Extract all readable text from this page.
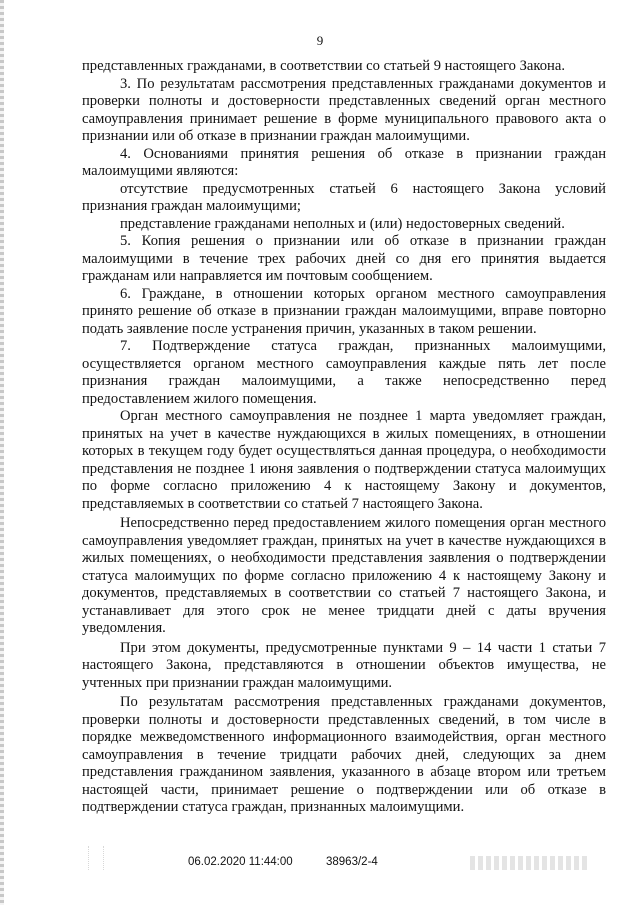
9

представленных гражданами, в соответствии со статьей 9 настоящего Закона.

3. По результатам рассмотрения представленных гражданами документов и проверки полноты и достоверности представленных сведений орган местного самоуправления принимает решение в форме муниципального правового акта о признании или об отказе в признании граждан малоимущими.

4. Основаниями принятия решения об отказе в признании граждан малоимущими являются:

отсутствие предусмотренных статьей 6 настоящего Закона условий признания граждан малоимущими;

представление гражданами неполных и (или) недостоверных сведений.

5. Копия решения о признании или об отказе в признании граждан малоимущими в течение трех рабочих дней со дня его принятия выдается гражданам или направляется им почтовым сообщением.

6. Граждане, в отношении которых органом местного самоуправления принято решение об отказе в признании граждан малоимущими, вправе повторно подать заявление после устранения причин, указанных в таком решении.

7. Подтверждение статуса граждан, признанных малоимущими, осуществляется органом местного самоуправления каждые пять лет после признания граждан малоимущими, а также непосредственно перед предоставлением жилого помещения.

Орган местного самоуправления не позднее 1 марта уведомляет граждан, принятых на учет в качестве нуждающихся в жилых помещениях, в отношении которых в текущем году будет осуществляться данная процедура, о необходимости представления не позднее 1 июня заявления о подтверждении статуса малоимущих по форме согласно приложению 4 к настоящему Закону и документов, представляемых в соответствии со статьей 7 настоящего Закона.

Непосредственно перед предоставлением жилого помещения орган местного самоуправления уведомляет граждан, принятых на учет в качестве нуждающихся в жилых помещениях, о необходимости представления заявления о подтверждении статуса малоимущих по форме согласно приложению 4 к настоящему Закону и документов, представляемых в соответствии со статьей 7 настоящего Закона, и устанавливает для этого срок не менее тридцати дней с даты вручения уведомления.

При этом документы, предусмотренные пунктами 9 – 14 части 1 статьи 7 настоящего Закона, представляются в отношении объектов имущества, не учтенных при признании граждан малоимущими.

По результатам рассмотрения представленных гражданами документов, проверки полноты и достоверности представленных сведений, в том числе в порядке межведомственного информационного взаимодействия, орган местного самоуправления в течение тридцати рабочих дней, следующих за днем представления гражданином заявления, указанного в абзаце втором или третьем настоящей части, принимает решение о подтверждении или об отказе в подтверждении статуса граждан, признанных малоимущими.

06.02.2020 11:44:00	38963/2-4
